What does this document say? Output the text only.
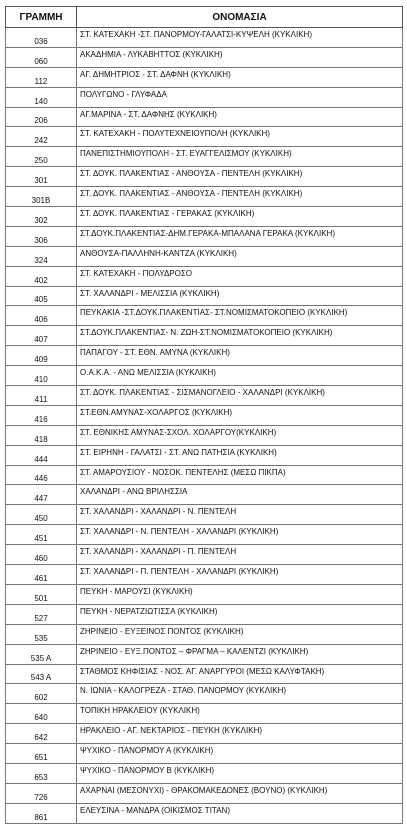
ΓΡΑΜΜΗ	ΟΝΟΜΑΣΙΑ
036	ΣΤ. ΚΑΤΕΧΑΚΗ -ΣΤ. ΠΑΝΟΡΜΟΥ-ΓΑΛΑΤΣΙ-ΚΥΨΕΛΗ (ΚΥΚΛΙΚΗ)
060	ΑΚΑΔΗΜΙΑ - ΛΥΚΑΒΗΤΤΟΣ (ΚΥΚΛΙΚΗ)
112	ΑΓ. ΔΗΜΗΤΡΙΟΣ - ΣΤ. ΔΑΦΝΗ (ΚΥΚΛΙΚΗ)
140	ΠΟΛΥΓΩΝΟ - ΓΛΥΦΑΔΑ
206	ΑΓ.ΜΑΡΙΝΑ - ΣΤ. ΔΑΦΝΗΣ (ΚΥΚΛΙΚΗ)
242	ΣΤ. ΚΑΤΕΧΑΚΗ - ΠΟΛΥΤΕΧΝΕΙΟΥΠΟΛΗ (ΚΥΚΛΙΚΗ)
250	ΠΑΝΕΠΙΣΤΗΜΙΟΥΠΟΛΗ - ΣΤ. ΕΥΑΓΓΕΛΙΣΜΟΥ (ΚΥΚΛΙΚΗ)
301	ΣΤ. ΔΟΥΚ. ΠΛΑΚΕΝΤΙΑΣ - ΑΝΘΟΥΣΑ - ΠΕΝΤΕΛΗ (ΚΥΚΛΙΚΗ)
301Β	ΣΤ. ΔΟΥΚ. ΠΛΑΚΕΝΤΙΑΣ - ΑΝΘΟΥΣΑ - ΠΕΝΤΕΛΗ (ΚΥΚΛΙΚΗ)
302	ΣΤ. ΔΟΥΚ. ΠΛΑΚΕΝΤΙΑΣ - ΓΕΡΑΚΑΣ (ΚΥΚΛΙΚΗ)
306	ΣΤ.ΔΟΥΚ.ΠΛΑΚΕΝΤΙΑΣ-ΔΗΜ.ΓΕΡΑΚΑ-ΜΠΑΛΑΝΑ ΓΕΡΑΚΑ (ΚΥΚΛΙΚΗ)
324	ΑΝΘΟΥΣΑ-ΠΑΛΛΗΝΗ-ΚΑΝΤΖΑ (ΚΥΚΛΙΚΗ)
402	ΣΤ. ΚΑΤΕΧΑΚΗ - ΠΟΛΥΔΡΟΣΟ
405	ΣΤ. ΧΑΛΑΝΔΡΙ - ΜΕΛΙΣΣΙΑ (ΚΥΚΛΙΚΗ)
406	ΠΕΥΚΑΚΙΑ -ΣΤ.ΔΟΥΚ.ΠΛΑΚΕΝΤΙΑΣ- ΣΤ.ΝΟΜΙΣΜΑΤΟΚΟΠΕΙΟ (ΚΥΚΛΙΚΗ)
407	ΣΤ.ΔΟΥΚ.ΠΛΑΚΕΝΤΙΑΣ- Ν. ΖΩΗ-ΣΤ.ΝΟΜΙΣΜΑΤΟΚΟΠΕΙΟ (ΚΥΚΛΙΚΗ)
409	ΠΑΠΑΓΟΥ - ΣΤ. ΕΘΝ. ΑΜΥΝΑ (ΚΥΚΛΙΚΗ)
410	Ο.Α.Κ.Α. - ΑΝΩ ΜΕΛΙΣΣΙΑ (ΚΥΚΛΙΚΗ)
411	ΣΤ. ΔΟΥΚ. ΠΛΑΚΕΝΤΙΑΣ - ΣΙΣΜΑΝΟΓΛΕΙΟ - ΧΑΛΑΝΔΡΙ (ΚΥΚΛΙΚΗ)
416	ΣΤ.ΕΘΝ.ΑΜΥΝΑΣ-ΧΟΛΑΡΓΟΣ (ΚΥΚΛΙΚΗ)
418	ΣΤ. ΕΘΝΙΚΗΣ ΑΜΥΝΑΣ-ΣΧΟΛ. ΧΟΛΑΡΓΟΥ(ΚΥΚΛΙΚΗ)
444	ΣΤ. ΕΙΡΗΝΗ - ΓΑΛΑΤΣΙ - ΣΤ. ΑΝΩ ΠΑΤΗΣΙΑ (ΚΥΚΛΙΚΗ)
446	ΣΤ. ΑΜΑΡΟΥΣΙΟΥ - ΝΟΣΟΚ. ΠΕΝΤΕΛΗΣ (ΜΕΣΩ ΠΙΚΠΑ)
447	ΧΑΛΑΝΔΡΙ - ΑΝΩ ΒΡΙΛΗΣΣΙΑ
450	ΣΤ. ΧΑΛΑΝΔΡΙ - ΧΑΛΑΝΔΡΙ - Ν. ΠΕΝΤΕΛΗ
451	ΣΤ. ΧΑΛΑΝΔΡΙ - Ν. ΠΕΝΤΕΛΗ - ΧΑΛΑΝΔΡΙ (ΚΥΚΛΙΚΗ)
460	ΣΤ. ΧΑΛΑΝΔΡΙ - ΧΑΛΑΝΔΡΙ - Π. ΠΕΝΤΕΛΗ
461	ΣΤ. ΧΑΛΑΝΔΡΙ - Π. ΠΕΝΤΕΛΗ - ΧΑΛΑΝΔΡΙ (ΚΥΚΛΙΚΗ)
501	ΠΕΥΚΗ - ΜΑΡΟΥΣΙ (ΚΥΚΛΙΚΗ)
527	ΠΕΥΚΗ - ΝΕΡΑΤΖΙΩΤΙΣΣΑ (ΚΥΚΛΙΚΗ)
535	ΖΗΡΙΝΕΙΟ - ΕΥΞΕΙΝΟΣ ΠΟΝΤΟΣ (ΚΥΚΛΙΚΗ)
535 Α	ΖΗΡΙΝΕΙΟ - ΕΥΞ.ΠΟΝΤΟΣ – ΦΡΑΓΜΑ – ΚΑΛΕΝΤΖΙ (ΚΥΚΛΙΚΗ)
543 Α	ΣΤΑΘΜΟΣ ΚΗΦΙΣΙΑΣ - ΝΟΣ. ΑΓ. ΑΝΑΡΓΥΡΟΙ (ΜΕΣΩ ΚΑΛΥΦΤΑΚΗ)
602	Ν. ΙΩΝΙΑ - ΚΑΛΟΓΡΕΖΑ - ΣΤΑΘ. ΠΑΝΟΡΜΟΥ (ΚΥΚΛΙΚΗ)
640	ΤΟΠΙΚΗ ΗΡΑΚΛΕΙΟΥ (ΚΥΚΛΙΚΗ)
642	ΗΡΑΚΛΕΙΟ - ΑΓ. ΝΕΚΤΑΡΙΟΣ - ΠΕΥΚΗ (ΚΥΚΛΙΚΗ)
651	ΨΥΧΙΚΟ - ΠΑΝΟΡΜΟΥ Α (ΚΥΚΛΙΚΗ)
653	ΨΥΧΙΚΟ - ΠΑΝΟΡΜΟΥ Β (ΚΥΚΛΙΚΗ)
726	ΑΧΑΡΝΑΙ (ΜΕΣΟΝΥΧΙ) - ΘΡΑΚΟΜΑΚΕΔΟΝΕΣ (ΒΟΥΝΟ) (ΚΥΚΛΙΚΗ)
861	ΕΛΕΥΣΙΝΑ - ΜΑΝΔΡΑ (ΟΙΚΙΣΜΟΣ ΤΙΤΑΝ)
